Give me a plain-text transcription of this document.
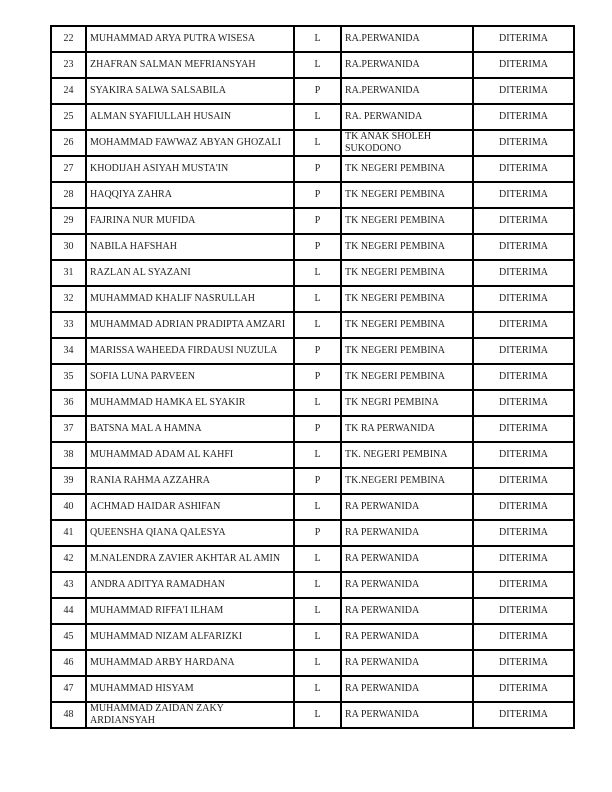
22	MUHAMMAD ARYA PUTRA WISESA	L	RA.PERWANIDA	DITERIMA
23	ZHAFRAN SALMAN MEFRIANSYAH	L	RA.PERWANIDA	DITERIMA
24	SYAKIRA SALWA SALSABILA	P	RA.PERWANIDA	DITERIMA
25	ALMAN SYAFIULLAH HUSAIN	L	RA. PERWANIDA	DITERIMA
26	MOHAMMAD FAWWAZ ABYAN GHOZALI	L	TK ANAK SHOLEH SUKODONO	DITERIMA
27	KHODIJAH ASIYAH MUSTA'IN	P	TK NEGERI PEMBINA	DITERIMA
28	HAQQIYA ZAHRA	P	TK NEGERI PEMBINA	DITERIMA
29	FAJRINA NUR MUFIDA	P	TK NEGERI PEMBINA	DITERIMA
30	NABILA HAFSHAH	P	TK NEGERI PEMBINA	DITERIMA
31	RAZLAN AL SYAZANI	L	TK NEGERI PEMBINA	DITERIMA
32	MUHAMMAD KHALIF NASRULLAH	L	TK NEGERI PEMBINA	DITERIMA
33	MUHAMMAD ADRIAN PRADIPTA AMZARI	L	TK NEGERI PEMBINA	DITERIMA
34	MARISSA WAHEEDA FIRDAUSI NUZULA	P	TK NEGERI PEMBINA	DITERIMA
35	SOFIA LUNA PARVEEN	P	TK NEGERI PEMBINA	DITERIMA
36	MUHAMMAD HAMKA EL SYAKIR	L	TK NEGRI PEMBINA	DITERIMA
37	BATSNA MAL A HAMNA	P	TK RA PERWANIDA	DITERIMA
38	MUHAMMAD ADAM AL KAHFI	L	TK. NEGERI PEMBINA	DITERIMA
39	RANIA RAHMA AZZAHRA	P	TK.NEGERI PEMBINA	DITERIMA
40	ACHMAD HAIDAR ASHIFAN	L	RA PERWANIDA	DITERIMA
41	QUEENSHA QIANA QALESYA	P	RA PERWANIDA	DITERIMA
42	M.NALENDRA ZAVIER AKHTAR AL AMIN	L	RA PERWANIDA	DITERIMA
43	ANDRA ADITYA RAMADHAN	L	RA PERWANIDA	DITERIMA
44	MUHAMMAD RIFFA'I ILHAM	L	RA PERWANIDA	DITERIMA
45	MUHAMMAD NIZAM ALFARIZKI	L	RA PERWANIDA	DITERIMA
46	MUHAMMAD ARBY HARDANA	L	RA PERWANIDA	DITERIMA
47	MUHAMMAD HISYAM	L	RA PERWANIDA	DITERIMA
48	MUHAMMAD ZAIDAN ZAKY ARDIANSYAH	L	RA PERWANIDA	DITERIMA
